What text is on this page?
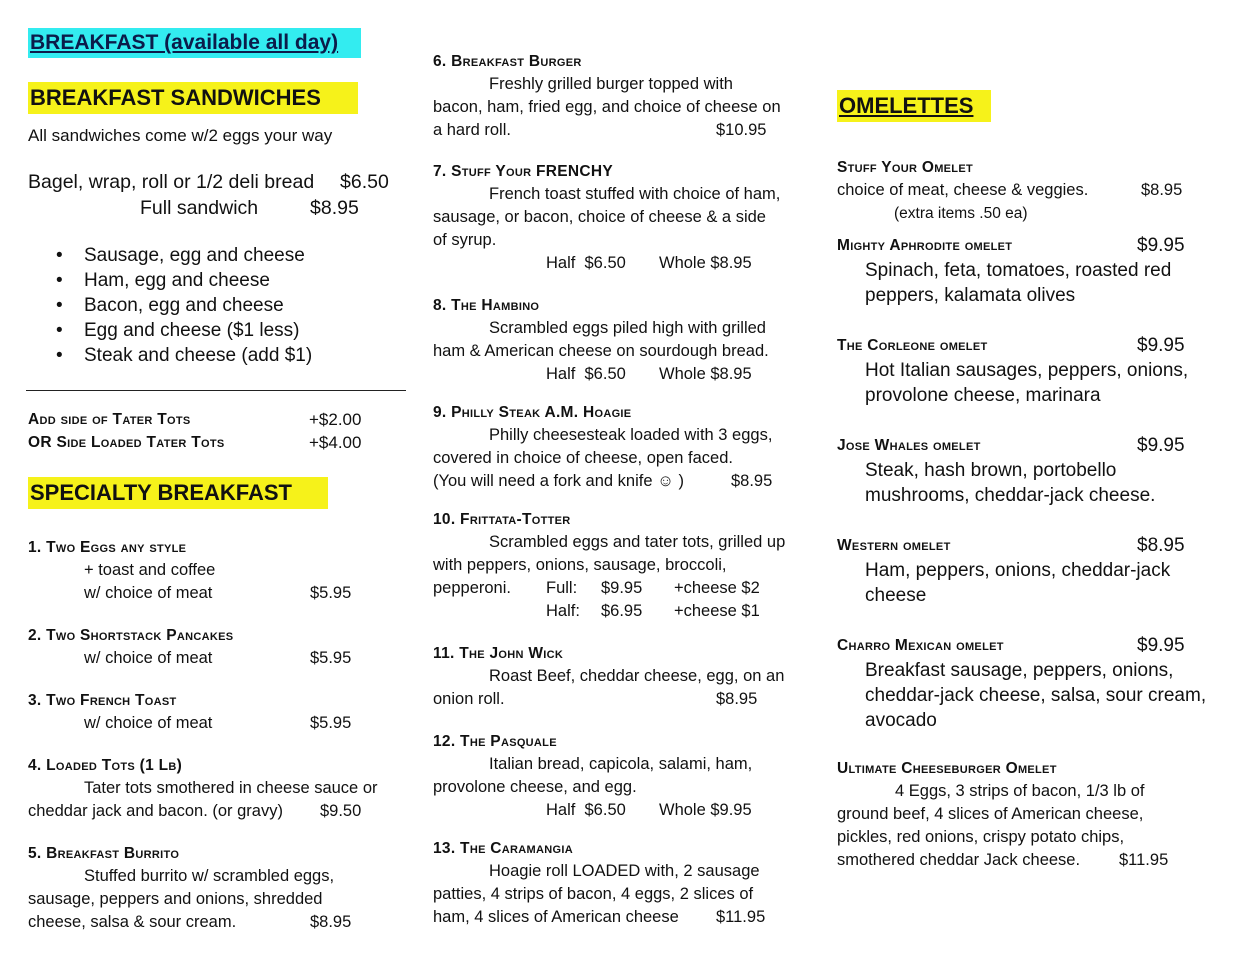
BREAKFAST (available all day)
BREAKFAST SANDWICHES
All sandwiches come w/2 eggs your way
Bagel, wrap, roll or 1/2 deli bread $6.50
Full sandwich	$8.95
• Sausage, egg and cheese
• Ham, egg and cheese
• Bacon, egg and cheese
• Egg and cheese ($1 less)
• Steak and cheese (add $1)
Add side of Tater Tots	+$2.00
OR Side Loaded Tater Tots	+$4.00
SPECIALTY BREAKFAST
1. Two Eggs any style
+ toast and coffee
w/ choice of meat	$5.95
2. Two Shortstack Pancakes
w/ choice of meat	$5.95
3. Two French Toast
w/ choice of meat	$5.95
4. Loaded Tots (1 Lb)
Tater tots smothered in cheese sauce or
cheddar jack and bacon. (or gravy) $9.50
5. Breakfast Burrito
Stuffed burrito w/ scrambled eggs,
sausage, peppers and onions, shredded
cheese, salsa & sour cream.	$8.95
6. Breakfast Burger
Freshly grilled burger topped with
bacon, ham, fried egg, and choice of cheese on
a hard roll.	$10.95
7. Stuff Your FRENCHY
French toast stuffed with choice of ham,
sausage, or bacon, choice of cheese & a side
of syrup.
Half  $6.50 Whole $8.95
8. The Hambino
Scrambled eggs piled high with grilled
ham & American cheese on sourdough bread.
Half  $6.50 Whole $8.95
9. Philly Steak A.M. Hoagie
Philly cheesesteak loaded with 3 eggs,
covered in choice of cheese, open faced.
(You will need a fork and knife ☺ )	$8.95
10. Frittata-Totter
Scrambled eggs and tater tots, grilled up
with peppers, onions, sausage, broccoli,
pepperoni. Full: $9.95 +cheese $2
Half: $6.95 +cheese $1
11. The John Wick
Roast Beef, cheddar cheese, egg, on an
onion roll.	$8.95
12. The Pasquale
Italian bread, capicola, salami, ham,
provolone cheese, and egg.
Half  $6.50 Whole $9.95
13. The Caramangia
Hoagie roll LOADED with, 2 sausage
patties, 4 strips of bacon, 4 eggs, 2 slices of
ham, 4 slices of American cheese $11.95
OMELETTES
Stuff Your Omelet
choice of meat, cheese & veggies.	$8.95
(extra items .50 ea)
Mighty Aphrodite omelet	$9.95
Spinach, feta, tomatoes, roasted red
peppers, kalamata olives
The Corleone omelet	$9.95
Hot Italian sausages, peppers, onions,
provolone cheese, marinara
Jose Whales omelet	$9.95
Steak, hash brown, portobello
mushrooms, cheddar-jack cheese.
Western omelet	$8.95
Ham, peppers, onions, cheddar-jack
cheese
Charro Mexican omelet	$9.95
Breakfast sausage, peppers, onions,
cheddar-jack cheese, salsa, sour cream,
avocado
Ultimate Cheeseburger Omelet
4 Eggs, 3 strips of bacon, 1/3 lb of
ground beef, 4 slices of American cheese,
pickles, red onions, crispy potato chips,
smothered cheddar Jack cheese. $11.95
